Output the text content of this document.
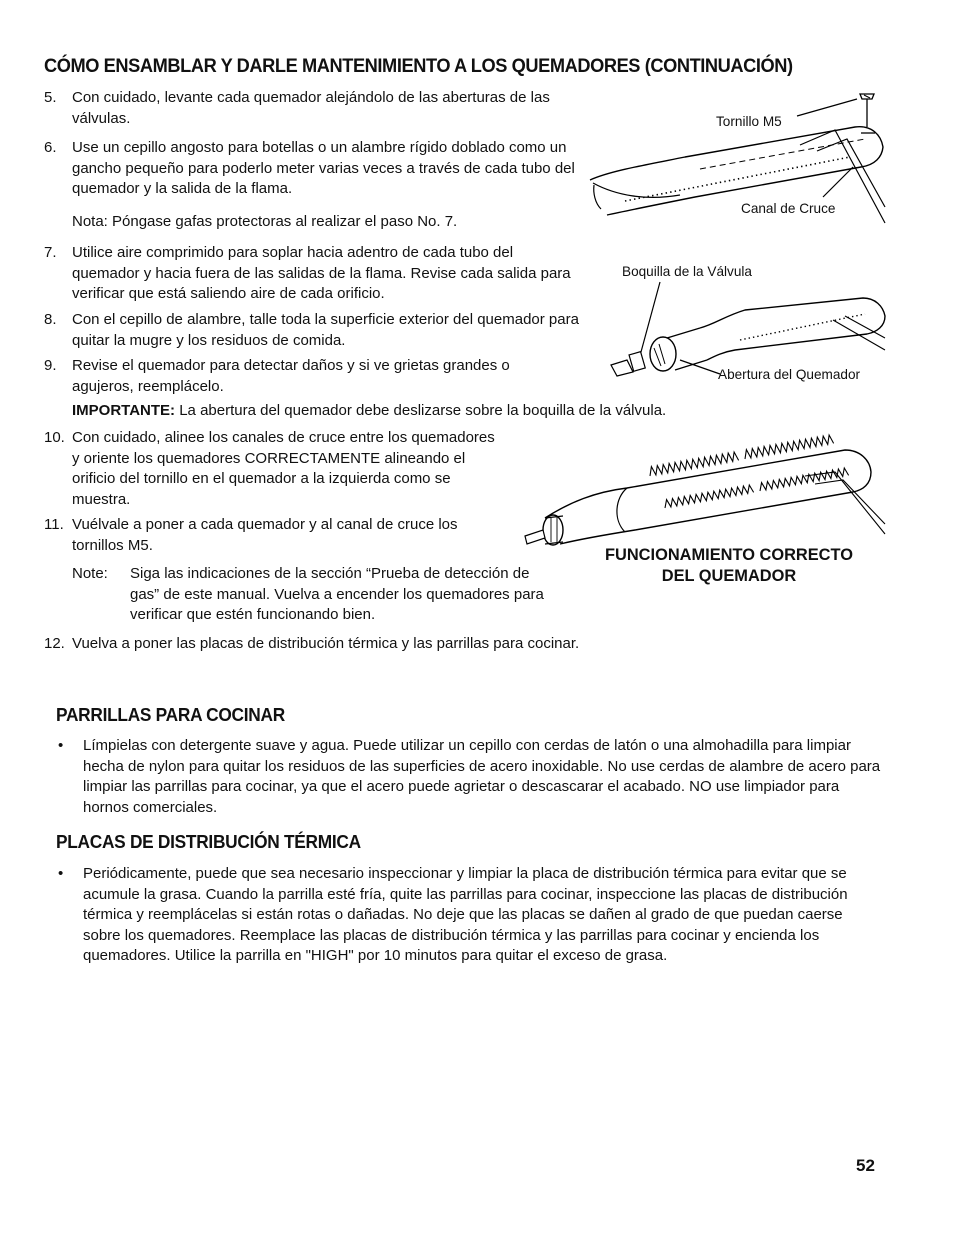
CÓMO ENSAMBLAR Y DARLE MANTENIMIENTO A LOS QUEMADORES (CONTINUACIÓN)
5. Con cuidado, levante cada quemador alejándolo de las aberturas de las válvulas.
6. Use un cepillo angosto para botellas o un alambre rígido doblado como un gancho pequeño para poderlo meter varias veces a través de cada tubo del quemador y la salida de la flama.
Nota: Póngase gafas protectoras al realizar el paso No. 7.
7. Utilice aire comprimido para soplar hacia adentro de cada tubo del quemador y hacia fuera de las salidas de la flama. Revise cada salida para verificar que está saliendo aire de cada orificio.
8. Con el cepillo de alambre, talle toda la superficie exterior del quemador para quitar la mugre y los residuos de comida.
9. Revise el quemador para detectar daños y si ve grietas grandes o agujeros, reemplácelo.
IMPORTANTE: La abertura del quemador debe deslizarse sobre la boquilla de la válvula.
10. Con cuidado, alinee los canales de cruce entre los quemadores y oriente los quemadores CORRECTAMENTE alineando el orificio del tornillo en el quemador a la izquierda como se muestra.
11. Vuélvale a poner a cada quemador y al canal de cruce los tornillos M5.
Note: Siga las indicaciones de la sección “Prueba de detección de gas” de este manual. Vuelva a encender los quemadores para verificar que estén funcionando bien.
12. Vuelva a poner las placas de distribución térmica y las parrillas para cocinar.
Tornillo M5
Canal de Cruce
Boquilla de la Válvula
Abertura del Quemador
FUNCIONAMIENTO CORRECTO
DEL QUEMADOR
PARRILLAS PARA COCINAR
• Límpielas con detergente suave y agua. Puede utilizar un cepillo con cerdas de latón o una almohadilla para limpiar hecha de nylon para quitar los residuos de las superficies de acero inoxidable. No use cerdas de alambre de acero para limpiar las parrillas para cocinar, ya que el acero puede agrietar o descascarar el acabado. NO use limpiador para hornos comerciales.
PLACAS DE DISTRIBUCIÓN TÉRMICA
• Periódicamente, puede que sea necesario inspeccionar y limpiar la placa de distribución térmica para evitar que se acumule la grasa. Cuando la parrilla esté fría, quite las parrillas para cocinar, inspeccione las placas de distribución térmica y reemplácelas si están rotas o dañadas. No deje que las placas se dañen al grado de que puedan caerse sobre los quemadores. Reemplace las placas de distribución térmica y las parrillas para cocinar y encienda los quemadores. Utilice la parrilla en "HIGH" por 10 minutos para quitar el exceso de grasa.
52
